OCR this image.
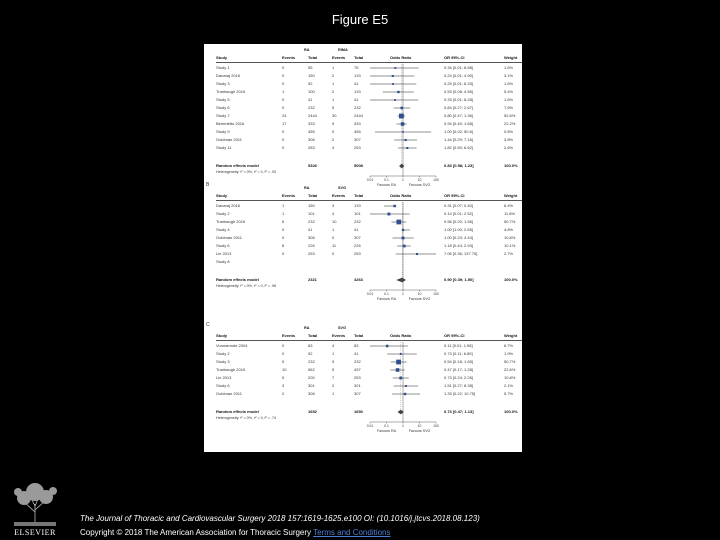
Figure E5
RA	RIMA
Study	Events	Total	Events Total	OR 95%-CI	Weight
Odds Ratio
0.01	0.1	1	10	100
Favours RA	Favours SVG
Study 1	0	55	1	75	0.34 [0.01; 8.88]	1.6%
Danaraj 2016	0	150	2	133	0.24 [0.01; 4.90]	3.1%
Study 3	0	92	1	41	0.25 [0.01; 6.33]	1.6%
Tranbaugh 2015	1	100	2	133	0.53 [0.06; 4.56]	5.4%
Study 5	0	41	1	41	0.33 [0.01; 8.28]	1.6%
Study 6	0	232	5	232	0.84 [0.27; 2.67]	7.6%
Study 7	24	2444	30	2444	0.80 [0.47; 1.36]	52.6%
Benedetto 2016	17	333	9	333	0.94 [0.40; 1.68]	22.2%
Study 9	0	455	0	455	1.00 [0.02; 50.6]	0.8%
Goldman 2011	0	306	2	307	1.44 [0.29; 7.16]	3.8%
Study 11	0	283	4	253	1.82 [0.50; 6.62]	2.6%
Random effects model	5326	5008	0.83 [0.58; 1.23]	100.0%
Heterogeneity: I² = 0%, τ² = 0, P = .93
B	RA	SVG
Study	Events	Total	Events Total	OR 95%-CI	Weight
Odds Ratio
0.01	0.1	1	10	100
Favours RA	Favours SVG
Danaraj 2016	1	150	3	133	0.31 [0.07; 0.40]	6.4%
Study 2	1	101	4	101	0.14 [0.01; 2.52]	11.8%
Tranbaugh 2016	6	232	10	232	0.56 [0.20; 1.56]	50.7%
Study 4	0	41	1	41	1.00 [1.00; 2.65]	4.8%
Goldman 2011	0	306	0	307	1.00 [0.23; 4.44]	10.8%
Study 6	8	226	11	226	1.18 [0.44; 2.94]	10.1%
Lin 2013	0	253	0	253	7.06 [0.36; 137.75]	2.7%
Study 8
Random effects model	2321	4263	0.90 [0.39; 1.50]	100.0%
Heterogeneity: I² = 0%, τ² = 0, P = .98
C	RA	SVG
Study	Events	Total	Events Total	OR 95%-CI	Weight
Odds Ratio
0.01	0.1	1	10	100
Favours RA	Favours SVG
Vunnamnde 2004	0	83	4	83	0.11 [0.01; 1.98]	6.7%
Study 2	0	92	1	41	0.73 [0.11; 6.89]	1.9%
Study 3	5	232	9	232	0.54 [0.18; 1.65]	50.7%
Tranbaugh 2015	10	562	5	497	0.47 [0.17; 1.28]	22.6%
Lin 2013	5	200	7	253	0.73 [0.24; 2.26]	10.8%
Study 6	3	301	2	301	1.51 [0.27; 8.38]	2.1%
Goldman 2011	2	306	1	307	1.33 [0.22; 10.75]	5.7%
Random effects model	1652	1650	0.73 [0.47; 1.13]	100.0%
Heterogeneity: I² = 0%, τ² = 0, P = .74
ELSEVIER
The Journal of Thoracic and Cardiovascular Surgery 2018 157:1619-1625.e100 OI: (10.1016/j.jtcvs.2018.08.123)
Copyright © 2018 The American Association for Thoracic Surgery Terms and Conditions
